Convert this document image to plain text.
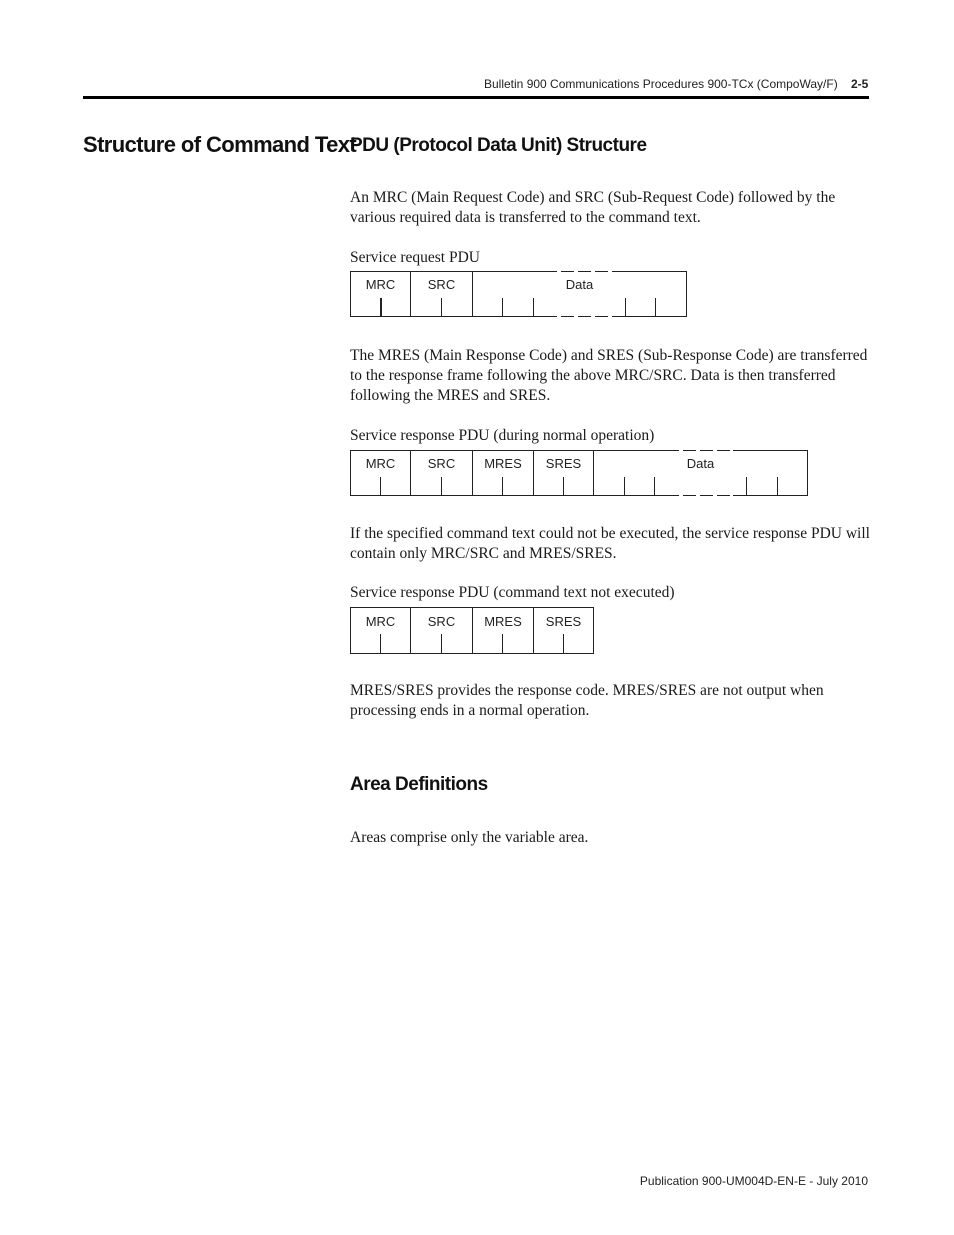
Bulletin 900 Communications Procedures 900-TCx (CompoWay/F) 2-5
Structure of Command Text
PDU (Protocol Data Unit) Structure
An MRC (Main Request Code) and SRC (Sub-Request Code) followed by the various required data is transferred to the command text.
Service request PDU
MRC	SRC	Data
The MRES (Main Response Code) and SRES (Sub-Response Code) are transferred to the response frame following the above MRC/SRC. Data is then transferred following the MRES and SRES.
Service response PDU (during normal operation)
MRC	SRC	MRES	SRES	Data
If the specified command text could not be executed, the service response PDU will contain only MRC/SRC and MRES/SRES.
Service response PDU (command text not executed)
MRC	SRC	MRES	SRES
MRES/SRES provides the response code. MRES/SRES are not output when processing ends in a normal operation.
Area Definitions
Areas comprise only the variable area.
Publication 900-UM004D-EN-E - July 2010
